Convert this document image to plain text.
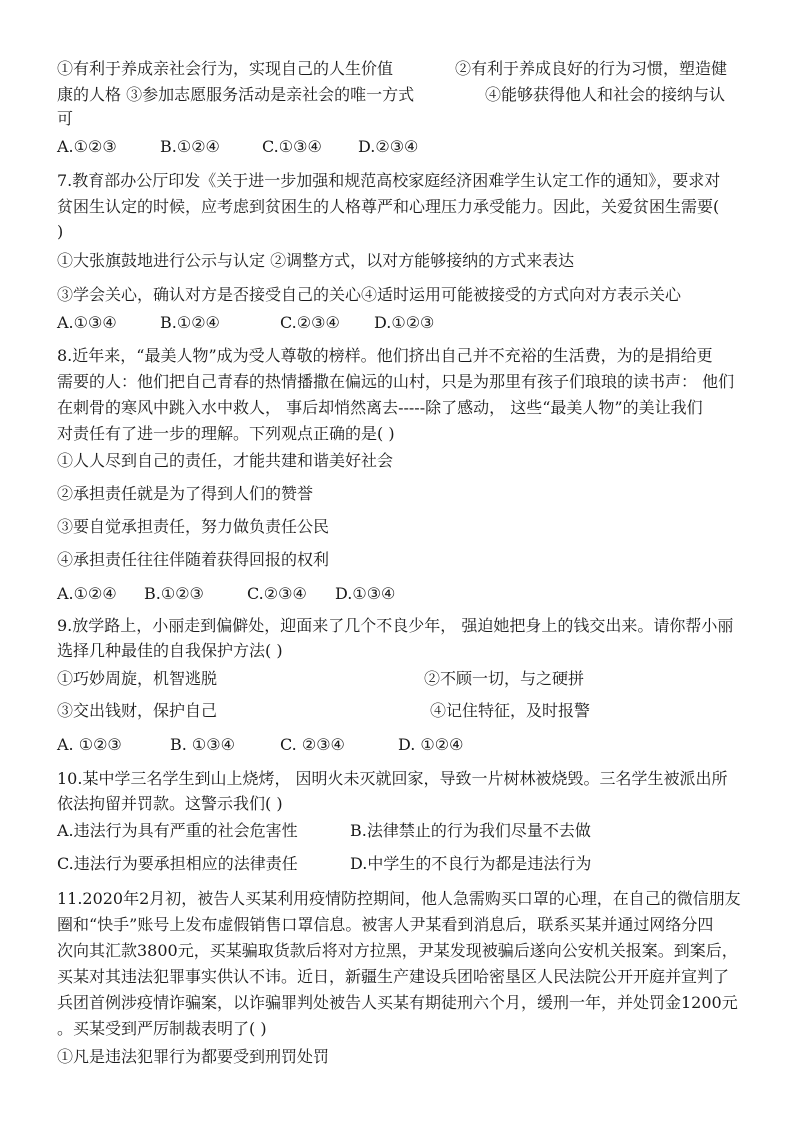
①有利于养成亲社会行为，实现自己的人生价值	②有利于养成良好的行为习惯，塑造健
康的人格 ③参加志愿服务活动是亲社会的唯一方式	④能够获得他人和社会的接纳与认
可
A.①②③	B.①②④	C.①③④ D.②③④
7.教育部办公厅印发《关于进一步加强和规范高校家庭经济困难学生认定工作的通知》，要求对
贫困生认定的时候，应考虑到贫困生的人格尊严和心理压力承受能力。因此，关爱贫困生需要(
)
①大张旗鼓地进行公示与认定 ②调整方式，以对方能够接纳的方式来表达
③学会关心，确认对方是否接受自己的关心④适时运用可能被接受的方式向对方表示关心
A.①③④	B.①②④	C.②③④ D.①②③
8.近年来，“最美人物”成为受人尊敬的榜样。他们挤出自己并不充裕的生活费，为的是捐给更
需要的人：他们把自己青春的热情播撒在偏远的山村，只是为那里有孩子们琅琅的读书声： 他们
在刺骨的寒风中跳入水中救人， 事后却悄然离去-----除了感动， 这些“最美人物”的美让我们
对责任有了进一步的理解。下列观点正确的是( )
①人人尽到自己的责任，才能共建和谐美好社会
②承担责任就是为了得到人们的赞誉
③要自觉承担责任，努力做负责任公民
④承担责任往往伴随着获得回报的权利
A.①②④ B.①②③	C.②③④ D.①③④
9.放学路上，小丽走到偏僻处，迎面来了几个不良少年， 强迫她把身上的钱交出来。请你帮小丽
选择几种最佳的自我保护方法( )
①巧妙周旋，机智逃脱	②不顾一切，与之硬拼
③交出钱财，保护自己	④记住特征，及时报警
A. ①②③	B. ①③④	C. ②③④	D. ①②④
10.某中学三名学生到山上烧烤， 因明火未灭就回家，导致一片树林被烧毁。三名学生被派出所
依法拘留并罚款。这警示我们( )
A.违法行为具有严重的社会危害性	B.法律禁止的行为我们尽量不去做
C.违法行为要承担相应的法律责任	D.中学生的不良行为都是违法行为
11.2020年2月初，被告人买某利用疫情防控期间，他人急需购买口罩的心理，在自己的微信朋友
圈和“快手”账号上发布虚假销售口罩信息。被害人尹某看到消息后，联系买某并通过网络分四
次向其汇款3800元，买某骗取货款后将对方拉黑，尹某发现被骗后遂向公安机关报案。到案后，
买某对其违法犯罪事实供认不讳。近日，新疆生产建设兵团哈密垦区人民法院公开开庭并宣判了
兵团首例涉疫情诈骗案，以诈骗罪判处被告人买某有期徒刑六个月，缓刑一年，并处罚金1200元
。买某受到严厉制裁表明了( )
①凡是违法犯罪行为都要受到刑罚处罚
